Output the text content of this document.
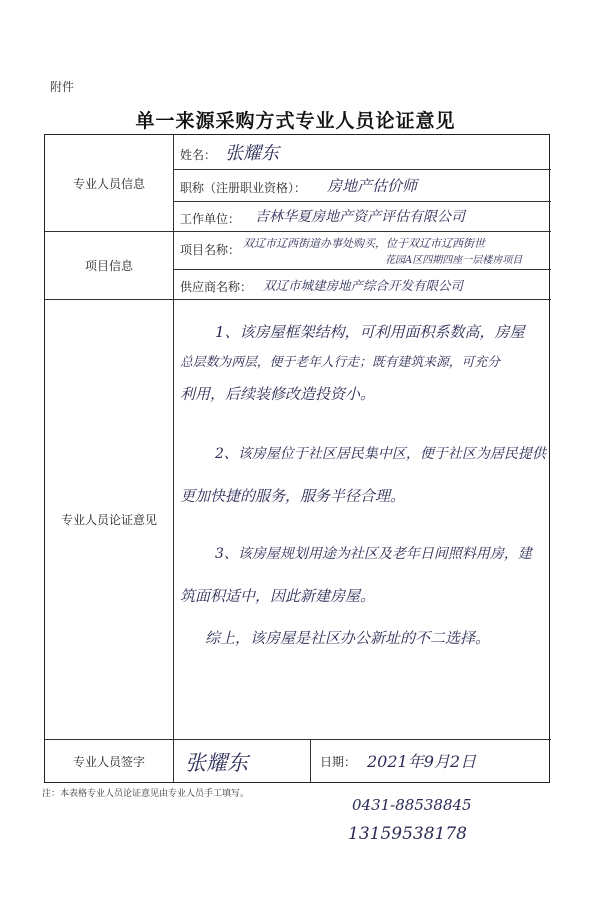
附件
单一来源采购方式专业人员论证意见
专业人员信息
项目信息
专业人员论证意见
专业人员签字
姓名： 张耀东
职称（注册职业资格）： 房地产估价师
工作单位： 吉林华夏房地产资产评估有限公司
项目名称： 双辽市辽西街道办事处购买，位于双辽市辽西街世
花园A区四期四座一层楼房项目
供应商名称： 双辽市城建房地产综合开发有限公司
1、该房屋框架结构，可利用面积系数高，房屋
总层数为两层，便于老年人行走；既有建筑来源，可充分
利用，后续装修改造投资小。
2、该房屋位于社区居民集中区，便于社区为居民提供
更加快捷的服务，服务半径合理。
3、该房屋规划用途为社区及老年日间照料用房，建
筑面积适中，因此新建房屋。
综上，该房屋是社区办公新址的不二选择。
张耀东	日期： 2021年9月2日
注：本表格专业人员论证意见由专业人员手工填写。
0431-88538845
13159538178
